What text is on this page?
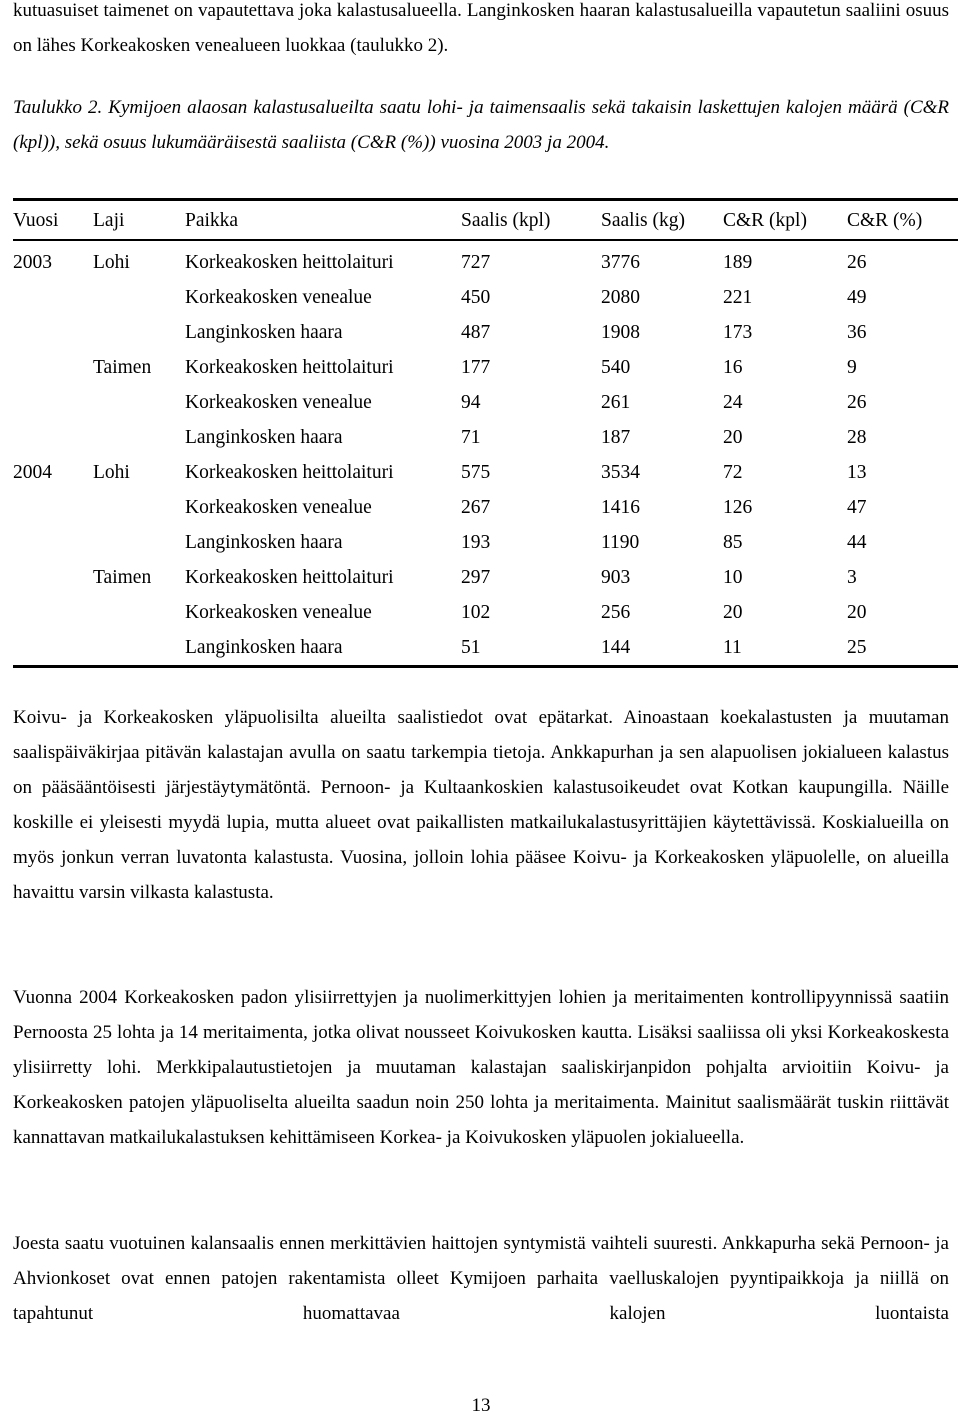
kutuasuiset taimenet on vapautettava joka kalastusalueella. Langinkosken haaran kalastusalueilla vapautetun saaliini osuus on lähes Korkeakosken venealueen luokkaa (taulukko 2).

Taulukko 2. Kymijoen alaosan kalastusalueilta saatu lohi- ja taimensaalis sekä takaisin laskettujen kalojen määrä (C&R (kpl)), sekä osuus lukumääräisestä saaliista (C&R (%)) vuosina 2003 ja 2004.

Vuosi	Laji	Paikka	Saalis (kpl)	Saalis (kg)	C&R (kpl)	C&R (%)
2003	Lohi	Korkeakosken heittolaituri	727	3776	189	26
		Korkeakosken venealue	450	2080	221	49
		Langinkosken haara	487	1908	173	36
	Taimen	Korkeakosken heittolaituri	177	540	16	9
		Korkeakosken venealue	94	261	24	26
		Langinkosken haara	71	187	20	28
2004	Lohi	Korkeakosken heittolaituri	575	3534	72	13
		Korkeakosken venealue	267	1416	126	47
		Langinkosken haara	193	1190	85	44
	Taimen	Korkeakosken heittolaituri	297	903	10	3
		Korkeakosken venealue	102	256	20	20
		Langinkosken haara	51	144	11	25

Koivu- ja Korkeakosken yläpuolisilta alueilta saalistiedot ovat epätarkat. Ainoastaan koekalastusten ja muutaman saalispäiväkirjaa pitävän kalastajan avulla on saatu tarkempia tietoja. Ankkapurhan ja sen alapuolisen jokialueen kalastus on pääsääntöisesti järjestäytymätöntä. Pernoon- ja Kultaankoskien kalastusoikeudet ovat Kotkan kaupungilla. Näille koskille ei yleisesti myydä lupia, mutta alueet ovat paikallisten matkailukalastusyrittäjien käytettävissä. Koskialueilla on myös jonkun verran luvatonta kalastusta. Vuosina, jolloin lohia pääsee Koivu- ja Korkeakosken yläpuolelle, on alueilla havaittu varsin vilkasta kalastusta.

Vuonna 2004 Korkeakosken padon ylisiirrettyjen ja nuolimerkittyjen lohien ja meritaimenten kontrollipyynnissä saatiin Pernoosta 25 lohta ja 14 meritaimenta, jotka olivat nousseet Koivukosken kautta. Lisäksi saaliissa oli yksi Korkeakoskesta ylisiirretty lohi. Merkkipalautustietojen ja muutaman kalastajan saaliskirjanpidon pohjalta arvioitiin Koivu- ja Korkeakosken patojen yläpuoliselta alueilta saadun noin 250 lohta ja meritaimenta. Mainitut saalismäärät tuskin riittävät kannattavan matkailukalastuksen kehittämiseen Korkea- ja Koivukosken yläpuolen jokialueella.

Joesta saatu vuotuinen kalansaalis ennen merkittävien haittojen syntymistä vaihteli suuresti. Ankkapurha sekä Pernoon- ja Ahvionkoset ovat ennen patojen rakentamista olleet Kymijoen parhaita vaelluskalojen pyyntipaikkoja ja niillä on tapahtunut huomattavaa kalojen luontaista

13
